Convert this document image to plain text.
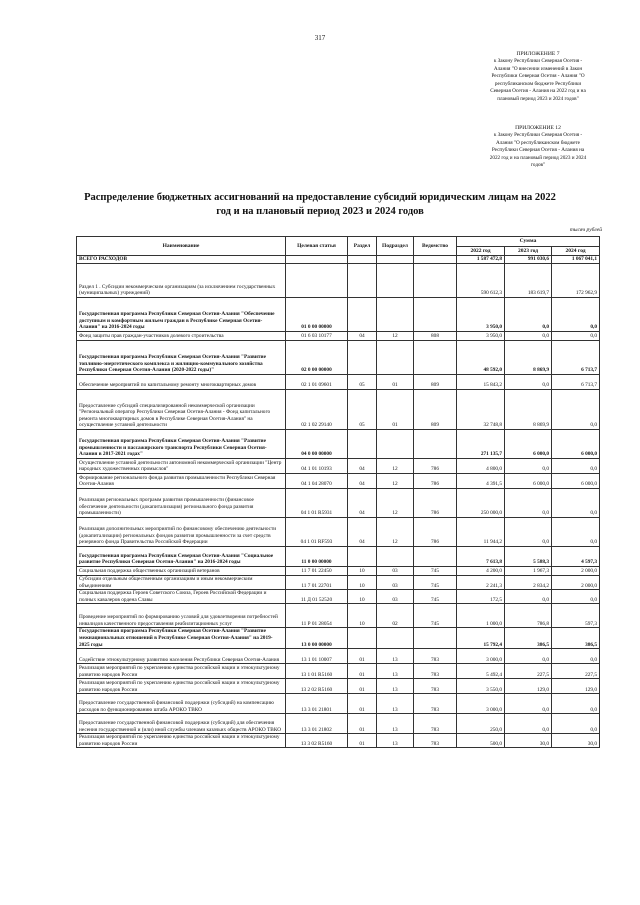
317
ПРИЛОЖЕНИЕ 7
к Закону Республики Северная Осетия -
Алания "О внесении изменений в Закон
Республики Северная Осетия - Алания "О
республиканском бюджете Республики
Северная Осетия - Алания на 2022 год и на
плановый период 2023 и 2024 годов"
ПРИЛОЖЕНИЕ 12
к Закону Республики Северная Осетия -
Алания "О республиканском бюджете
Республики Северная Осетия - Алания на
2022 год и на плановый период 2023 и 2024
годов"
Распределение бюджетных ассигнований на предоставление субсидий юридическим лицам на 2022 год и на плановый период 2023 и 2024 годов
тысяч рублей
Наименование	Целевая статья	Раздел	Подраздел	Ведомство	Сумма		
					2022 год	2023 год	2024 год
ВСЕГО РАСХОДОВ					1 587 472,8	991 030,6	1 067 041,1
Раздел 1 . Субсидии некоммерческим организациям (за исключением государственных (муниципальных) учреждений)					590 612,3	183 619,7	172 962,9
Государственная программа Республики Северная Осетия-Алания "Обеспечение доступным и комфортным жильем граждан в Республике Северная Осетия-Алания" на 2016-2024 годы	01 0 00 00000				3 950,0	0,0	0,0
Фонд защиты прав граждан-участников долевого строительства	01 6 03 10177	04	12	808	3 950,0	0,0	0,0
Государственная программа Республики Северная Осетия-Алания "Развитие топливно-энергетического комплекса и жилищно-коммунального хозяйства Республики Северная Осетия-Алания (2020-2022 годы)"	02 0 00 00000				48 592,0	8 869,9	6 713,7
Обеспечение мероприятий по капитальному ремонту многоквартирных домов	02 1 01 09601	05	01	809	15 843,2	0,0	6 713,7
Предоставление субсидий специализированной некоммерческой организации "Региональный оператор Республики Северная Осетия-Алания - Фонд капитального ремонта многоквартирных домов в Республике Северная Осетия-Алания" на осуществление уставной деятельности	02 1 02 29140	05	01	809	32 748,8	8 869,9	0,0
Государственная программа Республики Северная Осетия-Алания "Развитие промышленности и пассажирского транспорта Республики Северная Осетия-Алания в 2017-2021 годах"	04 0 00 00000				271 135,7	6 000,0	6 000,0
Осуществление уставной деятельности автономной некоммерческой организации "Центр народных художественных промыслов"	04 1 01 10193	04	12	786	4 800,0	0,0	0,0
Формирование регионального фонда развития промышленности Республики Северная Осетия-Алания	04 1 04 28070	04	12	786	4 391,5	6 000,0	6 000,0
Реализация региональных программ развития промышленности (финансовое обеспечение деятельности (докапитализация) регионального фонда развития промышленности)	04 1 01 R5931	04	12	786	250 000,0	0,0	0,0
Реализация дополнительных мероприятий по финансовому обеспечению деятельности (докапитализации) региональных фондов развития промышленности за счет средств резервного фонда Правительства Российской Федерации	04 1 01 RF593	04	12	786	11 944,2	0,0	0,0
Государственная программа Республики Северная Осетия-Алания "Социальное развитие Республики Северная Осетия-Алания" на 2016-2024 годы	11 0 00 00000				7 613,8	5 588,3	4 597,3
Социальная поддержка общественных организаций ветеранов	11 7 01 22450	10	03	745	4 200,0	1 967,3	2 000,0
Субсидии отдельным общественным организациям и иным некоммерческим объединениям	11 7 01 22701	10	03	745	2 241,3	2 834,2	2 000,0
Социальная поддержка Героев Советского Союза, Героев Российской Федерации и полных кавалеров ордена Славы	11 Д 01 52520	10	03	745	172,5	0,0	0,0
Проведение мероприятий по формированию условий для удовлетворения потребностей инвалидов качественного предоставления реабилитационных услуг	11 Р 01 28054	10	02	745	1 000,0	786,8	597,3
Государственная программа Республики Северная Осетия-Алания "Развитие межнациональных отношений в Республике Северная Осетия-Алания" на 2019-2025 годы	13 0 00 00000				15 792,4	386,5	386,5
Содействие этнокультурному развитию населения Республики Северная Осетия-Алания	13 1 01 10007	01	13	783	3 000,0	0,0	0,0
Реализация мероприятий по укреплению единства российской нации и этнокультурному развитию народов России	13 1 01 R5160	01	13	783	5 492,4	227,5	227,5
Реализация мероприятий по укреплению единства российской нации и этнокультурному развитию народов России	13 2 02 R5160	01	13	783	3 550,0	129,0	129,0
Предоставление государственной финансовой поддержки (субсидий) на компенсацию расходов по функционированию штаба АРОКО ТВКО	13 3 01 21801	01	13	783	3 000,0	0,0	0,0
Предоставление государственной финансовой поддержки (субсидий) для обеспечения несения государственной и (или) иной службы членами казачьих обществ АРОКО ТВКО	13 3 01 21802	01	13	783	250,0	0,0	0,0
Реализация мероприятий по укреплению единства российской нации и этнокультурному развитию народов России	13 3 02 R5160	01	13	783	500,0	30,0	30,0
